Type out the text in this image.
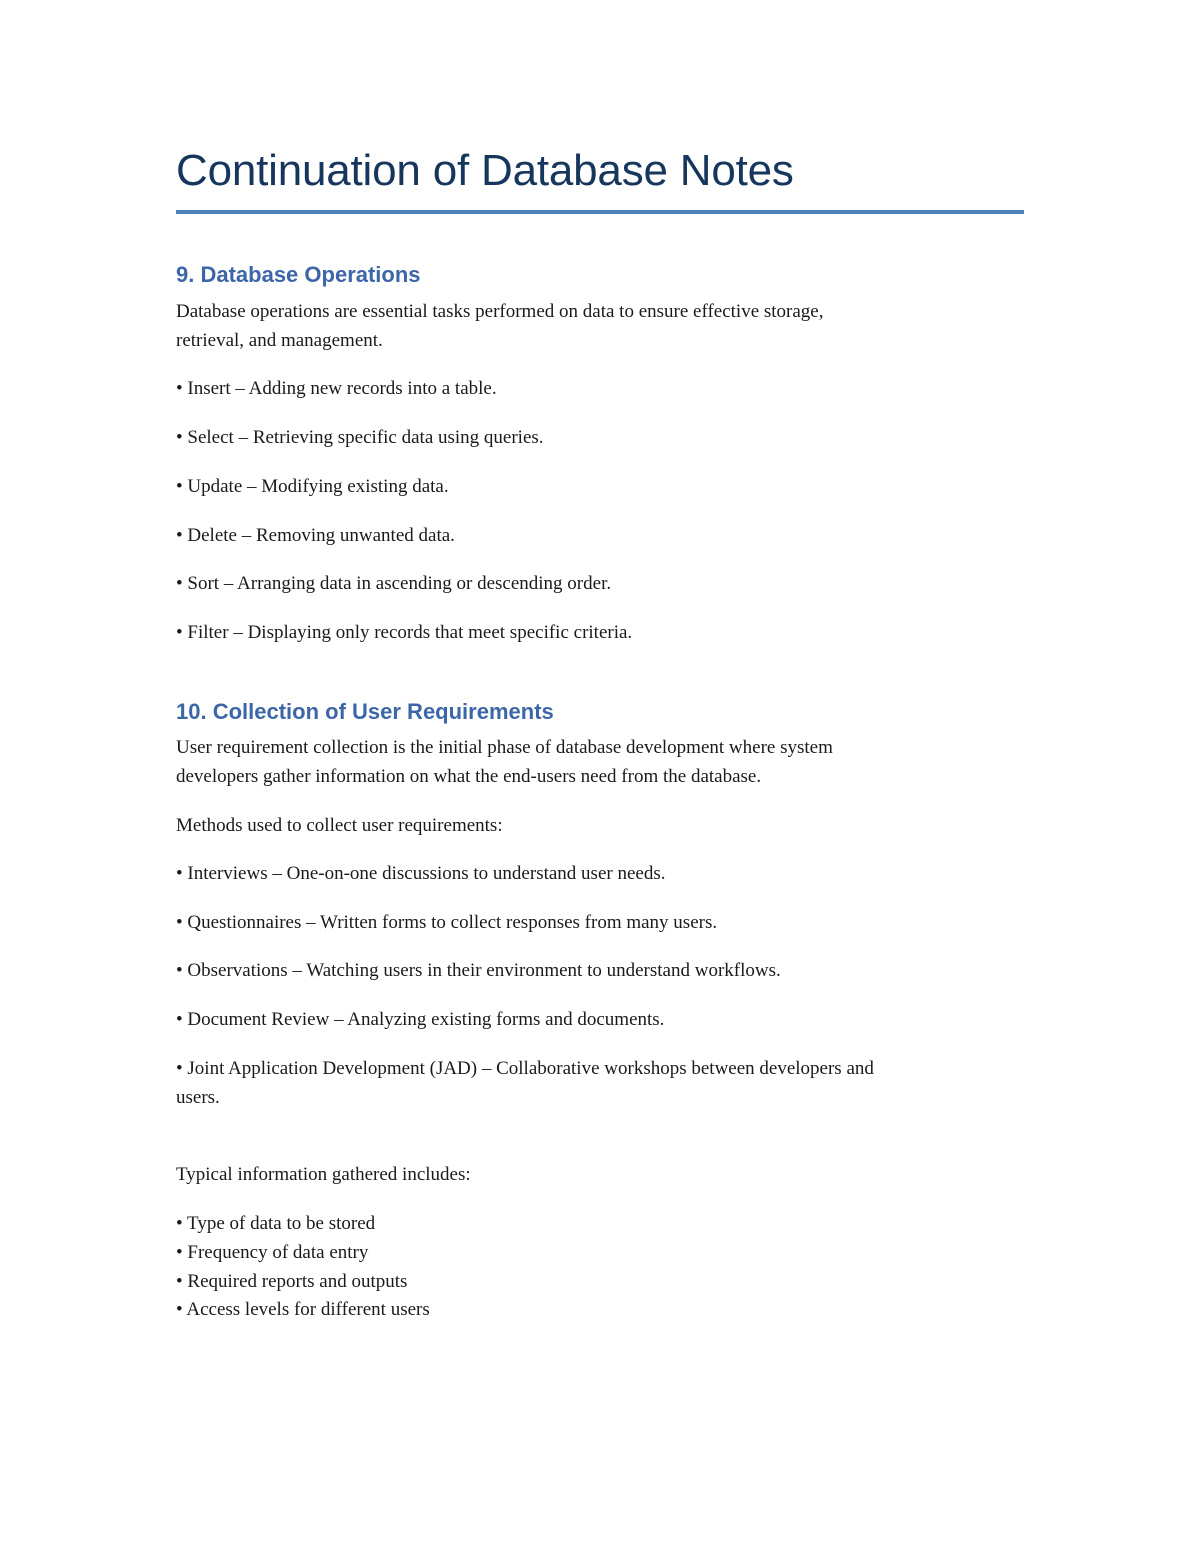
Continuation of Database Notes
9. Database Operations

Database operations are essential tasks performed on data to ensure effective storage,

retrieval, and management.

• Insert – Adding new records into a table.

• Select – Retrieving specific data using queries.

• Update – Modifying existing data.

• Delete – Removing unwanted data.

• Sort – Arranging data in ascending or descending order.

• Filter – Displaying only records that meet specific criteria.

10. Collection of User Requirements

User requirement collection is the initial phase of database development where system

developers gather information on what the end-users need from the database.

Methods used to collect user requirements:

• Interviews – One-on-one discussions to understand user needs.

• Questionnaires – Written forms to collect responses from many users.

• Observations – Watching users in their environment to understand workflows.

• Document Review – Analyzing existing forms and documents.

• Joint Application Development (JAD) – Collaborative workshops between developers and

users.

Typical information gathered includes:

• Type of data to be stored

• Frequency of data entry

• Required reports and outputs

• Access levels for different users
